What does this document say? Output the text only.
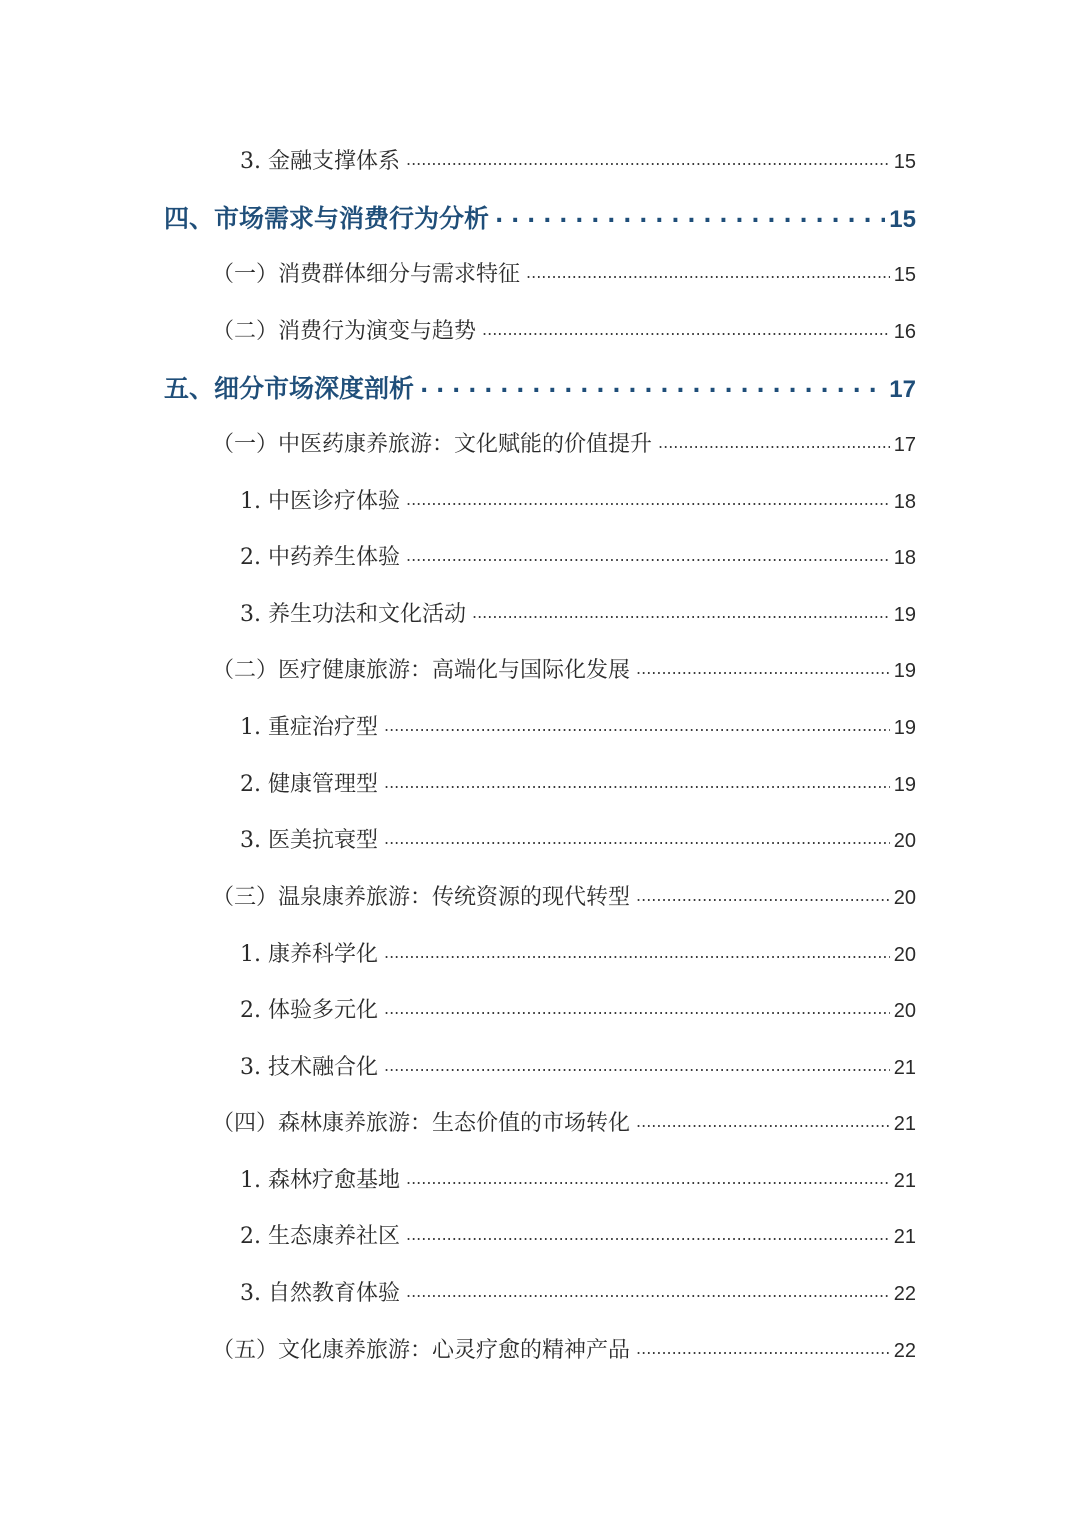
3. 金融支撑体系 .....	15
四、市场需求与消费行为分析 . . .	15
（一）消费群体细分与需求特征 .....	15
（二）消费行为演变与趋势 .....	16
五、细分市场深度剖析 . . .	17
（一）中医药康养旅游：文化赋能的价值提升 .....	17
1. 中医诊疗体验 .....	18
2. 中药养生体验 .....	18
3. 养生功法和文化活动 .....	19
（二）医疗健康旅游：高端化与国际化发展 .....	19
1. 重症治疗型 .....	19
2. 健康管理型 .....	19
3. 医美抗衰型 .....	20
（三）温泉康养旅游：传统资源的现代转型 .....	20
1. 康养科学化 .....	20
2. 体验多元化 .....	20
3. 技术融合化 .....	21
（四）森林康养旅游：生态价值的市场转化 .....	21
1. 森林疗愈基地 .....	21
2. 生态康养社区 .....	21
3. 自然教育体验 .....	22
（五）文化康养旅游：心灵疗愈的精神产品 .....	22
